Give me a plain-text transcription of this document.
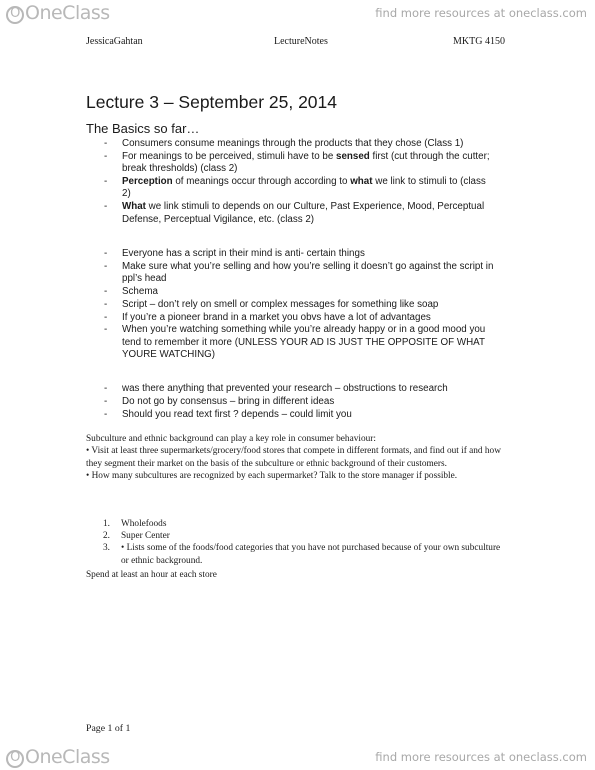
O OneClass	find more resources at oneclass.com
JessicaGahtan	LectureNotes	MKTG 4150
Lecture 3 – September 25, 2014
The Basics so far…
- Consumers consume meanings through the products that they chose (Class 1)
- For meanings to be perceived, stimuli have to be sensed first (cut through the cutter; break thresholds) (class 2)
- Perception of meanings occur through according to what we link to stimuli to (class 2)
- What we link stimuli to depends on our Culture, Past Experience, Mood, Perceptual Defense, Perceptual Vigilance, etc. (class 2)
- Everyone has a script in their mind is anti- certain things
- Make sure what you’re selling and how you’re selling it doesn’t go against the script in ppl’s head
- Schema
- Script – don’t rely on smell or complex messages for something like soap
- If you’re a pioneer brand in a market you obvs have a lot of advantages
- When you’re watching something while you’re already happy or in a good mood you tend to remember it more (UNLESS YOUR AD IS JUST THE OPPOSITE OF WHAT YOURE WATCHING)
- was there anything that prevented your research – obstructions to research
- Do not go by consensus – bring in different ideas
- Should you read text first ? depends – could limit you

Subculture and ethnic background can play a key role in consumer behaviour:

• Visit at least three supermarkets/grocery/food stores that compete in different formats, and find out if and how they segment their market on the basis of the subculture or ethnic background of their customers.

• How many subcultures are recognized by each supermarket? Talk to the store manager if possible.

1. Wholefoods
2. Super Center
3. • Lists some of the foods/food categories that you have not purchased because of your own subculture or ethnic background.
Spend at least an hour at each store
Page 1 of 1
O OneClass	find more resources at oneclass.com
